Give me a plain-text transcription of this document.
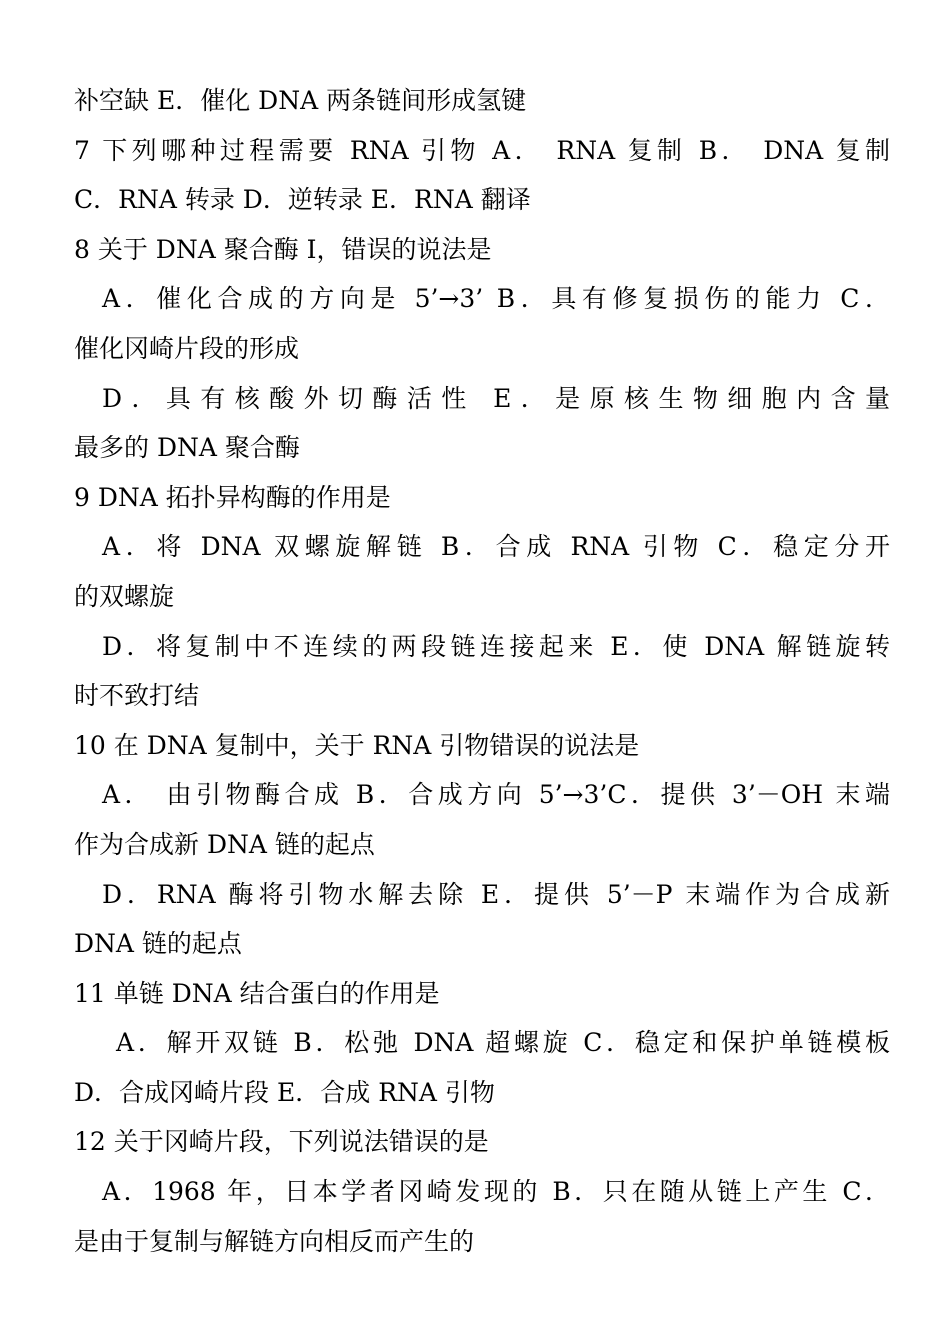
补空缺 E．催化 DNA 两条链间形成氢键
7 下列哪种过程需要 RNA 引物 A． RNA 复制 B． DNA 复制
C．RNA 转录 D．逆转录 E．RNA 翻译
8 关于 DNA 聚合酶 I，错误的说法是
A．催化合成的方向是 5’→3’ B．具有修复损伤的能力 C．
催化冈崎片段的形成
D．具有核酸外切酶活性 E．是原核生物细胞内含量
最多的 DNA 聚合酶
9 DNA 拓扑异构酶的作用是
A．将 DNA 双螺旋解链 B．合成 RNA 引物 C．稳定分开
的双螺旋
D．将复制中不连续的两段链连接起来 E．使 DNA 解链旋转
时不致打结
10 在 DNA 复制中，关于 RNA 引物错误的说法是
A． 由引物酶合成 B．合成方向 5’→3’C．提供 3’－OH 末端
作为合成新 DNA 链的起点
D．RNA 酶将引物水解去除 E．提供 5’－P 末端作为合成新
DNA 链的起点
11 单链 DNA 结合蛋白的作用是
A．解开双链 B．松弛 DNA 超螺旋 C．稳定和保护单链模板
D．合成冈崎片段 E．合成 RNA 引物
12 关于冈崎片段，下列说法错误的是
A．1968 年，日本学者冈崎发现的 B．只在随从链上产生 C．
是由于复制与解链方向相反而产生的
